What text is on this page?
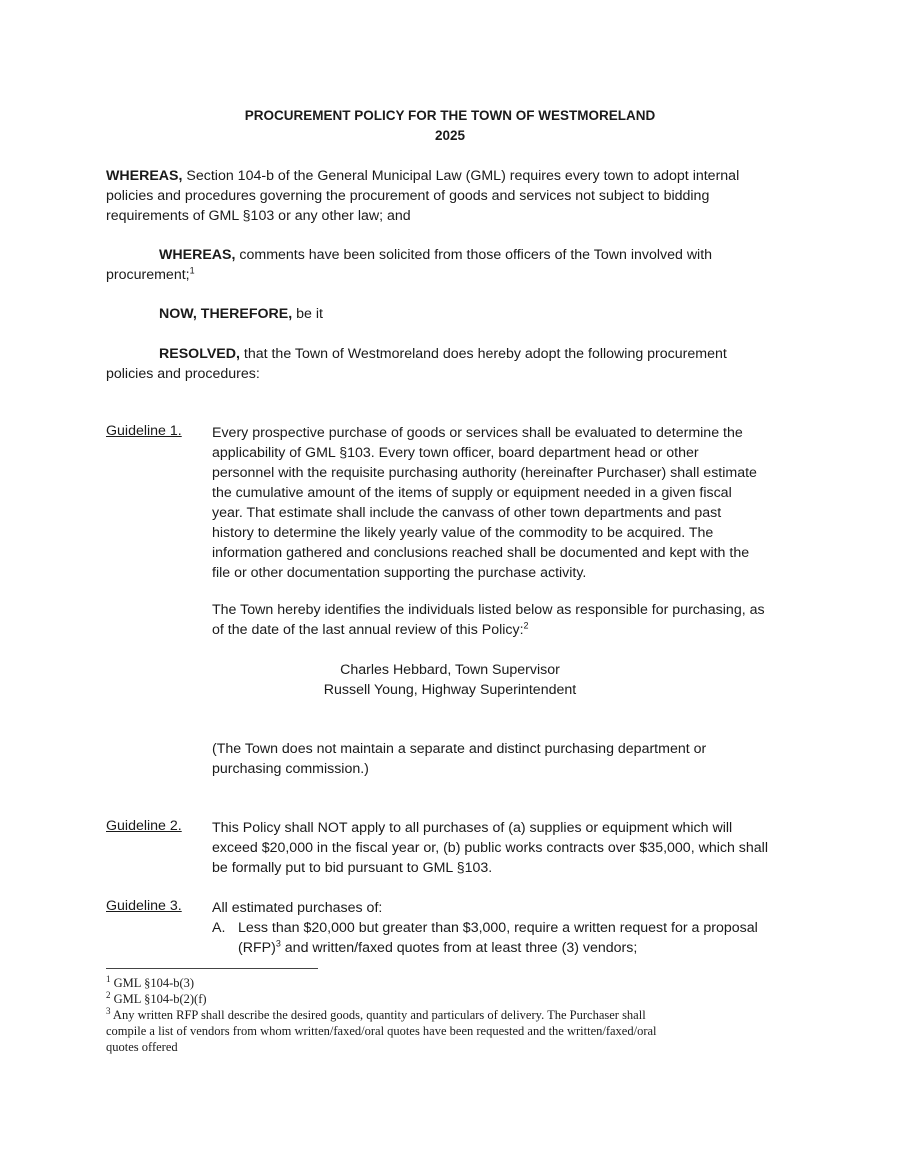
PROCUREMENT POLICY FOR THE TOWN OF WESTMORELAND
2025
WHEREAS, Section 104-b of the General Municipal Law (GML) requires every town to adopt internal
policies and procedures governing the procurement of goods and services not subject to bidding
requirements of GML §103 or any other law; and
WHEREAS, comments have been solicited from those officers of the Town involved with
procurement;$^1$
NOW, THEREFORE, be it
RESOLVED, that the Town of Westmoreland does hereby adopt the following procurement
policies and procedures:
Guideline 1. Every prospective purchase of goods or services shall be evaluated to determine the
applicability of GML §103. Every town officer, board department head or other
personnel with the requisite purchasing authority (hereinafter Purchaser) shall estimate
the cumulative amount of the items of supply or equipment needed in a given fiscal
year. That estimate shall include the canvass of other town departments and past
history to determine the likely yearly value of the commodity to be acquired. The
information gathered and conclusions reached shall be documented and kept with the
file or other documentation supporting the purchase activity.
The Town hereby identifies the individuals listed below as responsible for purchasing, as
of the date of the last annual review of this Policy:$^2$
Charles Hebbard, Town Supervisor
Russell Young, Highway Superintendent
(The Town does not maintain a separate and distinct purchasing department or
purchasing commission.)
Guideline 2. This Policy shall NOT apply to all purchases of (a) supplies or equipment which will
exceed $20,000 in the fiscal year or, (b) public works contracts over $35,000, which shall
be formally put to bid pursuant to GML §103.
Guideline 3. All estimated purchases of:
A. Less than $20,000 but greater than $3,000, require a written request for a proposal
(RFP)$^3$ and written/faxed quotes from at least three (3) vendors;
$^1$ GML §104-b(3)
$^2$ GML §104-b(2)(f)
$^3$ Any written RFP shall describe the desired goods, quantity and particulars of delivery. The Purchaser shall
compile a list of vendors from whom written/faxed/oral quotes have been requested and the written/faxed/oral
quotes offered
